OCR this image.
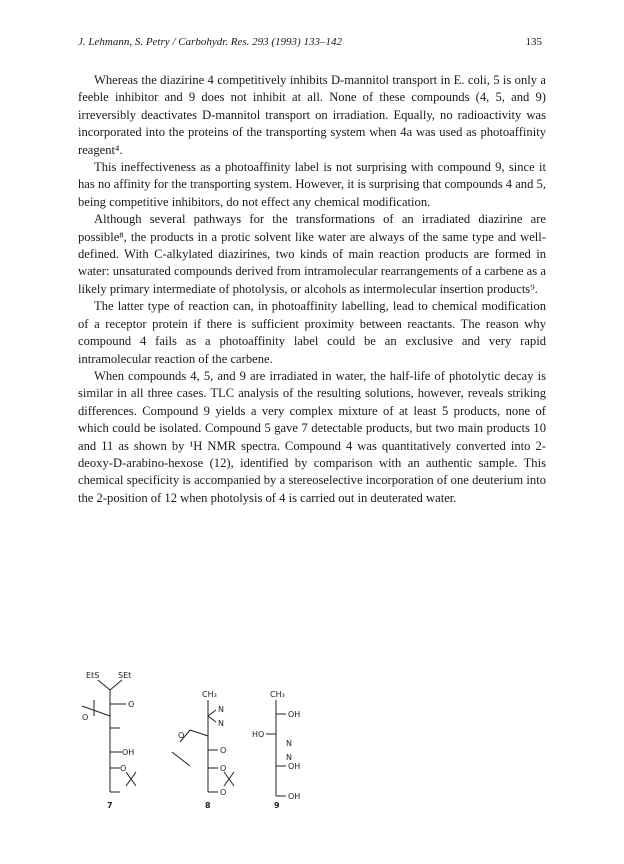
J. Lehmann, S. Petry / Carbohydr. Res. 293 (1993) 133–142	135

Whereas the diazirine 4 competitively inhibits D-mannitol transport in E. coli, 5 is only a feeble inhibitor and 9 does not inhibit at all. None of these compounds (4, 5, and 9) irreversibly deactivates D-mannitol transport on irradiation. Equally, no radioactivity was incorporated into the proteins of the transporting system when 4a was used as photoaffinity reagent⁴.

This ineffectiveness as a photoaffinity label is not surprising with compound 9, since it has no affinity for the transporting system. However, it is surprising that compounds 4 and 5, being competitive inhibitors, do not effect any chemical modification.

Although several pathways for the transformations of an irradiated diazirine are possible⁸, the products in a protic solvent like water are always of the same type and well-defined. With C-alkylated diazirines, two kinds of main reaction products are formed in water: unsaturated compounds derived from intramolecular rearrangements of a carbene as a likely primary intermediate of photolysis, or alcohols as intermolecular insertion products⁹.

The latter type of reaction can, in photoaffinity labelling, lead to chemical modification of a receptor protein if there is sufficient proximity between reactants. The reason why compound 4 fails as a photoaffinity label could be an exclusive and very rapid intramolecular reaction of the carbene.

When compounds 4, 5, and 9 are irradiated in water, the half-life of photolytic decay is similar in all three cases. TLC analysis of the resulting solutions, however, reveals striking differences. Compound 9 yields a very complex mixture of at least 5 products, none of which could be isolated. Compound 5 gave 7 detectable products, but two main products 10 and 11 as shown by ¹H NMR spectra. Compound 4 was quantitatively converted into 2-deoxy-D-arabino-hexose (12), identified by comparison with an authentic sample. This chemical specificity is accompanied by a stereoselective incorporation of one deuterium into the 2-position of 12 when photolysis of 4 is carried out in deuterated water.

EtS SEt
O
O
OH
O
CH₃
N
N
O
O
O
O
CH₃
OH
HO
N
N
OH
OH
7	8	9
